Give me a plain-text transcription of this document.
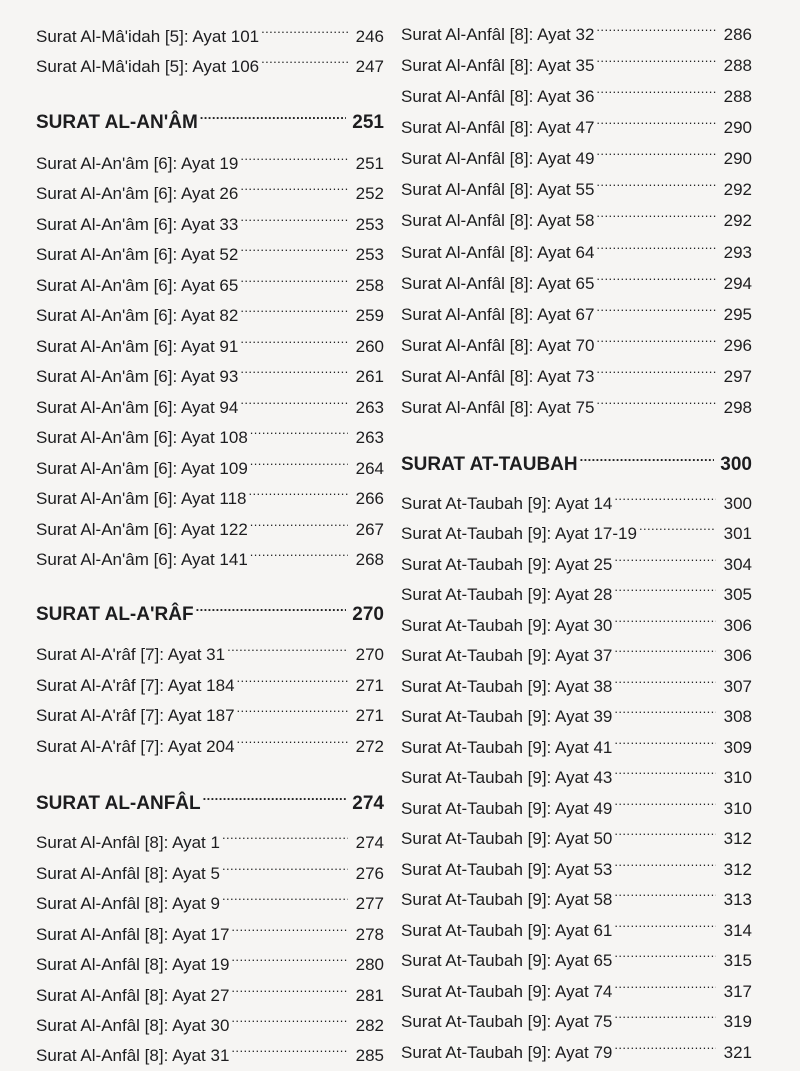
Surat Al-Mâ'idah [5]: Ayat 101 .....	246
Surat Al-Mâ'idah [5]: Ayat 106 .....	247
SURAT AL-AN'ÂM .....	251
Surat Al-An'âm [6]: Ayat 19 .....	251
Surat Al-An'âm [6]: Ayat 26 .....	252
Surat Al-An'âm [6]: Ayat 33 .....	253
Surat Al-An'âm [6]: Ayat 52 .....	253
Surat Al-An'âm [6]: Ayat 65 .....	258
Surat Al-An'âm [6]: Ayat 82 .....	259
Surat Al-An'âm [6]: Ayat 91 .....	260
Surat Al-An'âm [6]: Ayat 93 .....	261
Surat Al-An'âm [6]: Ayat 94 .....	263
Surat Al-An'âm [6]: Ayat 108 .....	263
Surat Al-An'âm [6]: Ayat 109 .....	264
Surat Al-An'âm [6]: Ayat 118 .....	266
Surat Al-An'âm [6]: Ayat 122 .....	267
Surat Al-An'âm [6]: Ayat 141 .....	268
SURAT AL-A'RÂF .....	270
Surat Al-A'râf [7]: Ayat 31 .....	270
Surat Al-A'râf [7]: Ayat 184 .....	271
Surat Al-A'râf [7]: Ayat 187 .....	271
Surat Al-A'râf [7]: Ayat 204 .....	272
SURAT AL-ANFÂL .....	274
Surat Al-Anfâl [8]: Ayat 1 .....	274
Surat Al-Anfâl [8]: Ayat 5 .....	276
Surat Al-Anfâl [8]: Ayat 9 .....	277
Surat Al-Anfâl [8]: Ayat 17 .....	278
Surat Al-Anfâl [8]: Ayat 19 .....	280
Surat Al-Anfâl [8]: Ayat 27 .....	281
Surat Al-Anfâl [8]: Ayat 30 .....	282
Surat Al-Anfâl [8]: Ayat 31 .....	285
Surat Al-Anfâl [8]: Ayat 32 .....	286
Surat Al-Anfâl [8]: Ayat 35 .....	288
Surat Al-Anfâl [8]: Ayat 36 .....	288
Surat Al-Anfâl [8]: Ayat 47 .....	290
Surat Al-Anfâl [8]: Ayat 49 .....	290
Surat Al-Anfâl [8]: Ayat 55 .....	292
Surat Al-Anfâl [8]: Ayat 58 .....	292
Surat Al-Anfâl [8]: Ayat 64 .....	293
Surat Al-Anfâl [8]: Ayat 65 .....	294
Surat Al-Anfâl [8]: Ayat 67 .....	295
Surat Al-Anfâl [8]: Ayat 70 .....	296
Surat Al-Anfâl [8]: Ayat 73 .....	297
Surat Al-Anfâl [8]: Ayat 75 .....	298
SURAT AT-TAUBAH .....	300
Surat At-Taubah [9]: Ayat 14 .....	300
Surat At-Taubah [9]: Ayat 17-19 .....	301
Surat At-Taubah [9]: Ayat 25 .....	304
Surat At-Taubah [9]: Ayat 28 .....	305
Surat At-Taubah [9]: Ayat 30 .....	306
Surat At-Taubah [9]: Ayat 37 .....	306
Surat At-Taubah [9]: Ayat 38 .....	307
Surat At-Taubah [9]: Ayat 39 .....	308
Surat At-Taubah [9]: Ayat 41 .....	309
Surat At-Taubah [9]: Ayat 43 .....	310
Surat At-Taubah [9]: Ayat 49 .....	310
Surat At-Taubah [9]: Ayat 50 .....	312
Surat At-Taubah [9]: Ayat 53 .....	312
Surat At-Taubah [9]: Ayat 58 .....	313
Surat At-Taubah [9]: Ayat 61 .....	314
Surat At-Taubah [9]: Ayat 65 .....	315
Surat At-Taubah [9]: Ayat 74 .....	317
Surat At-Taubah [9]: Ayat 75 .....	319
Surat At-Taubah [9]: Ayat 79 .....	321
